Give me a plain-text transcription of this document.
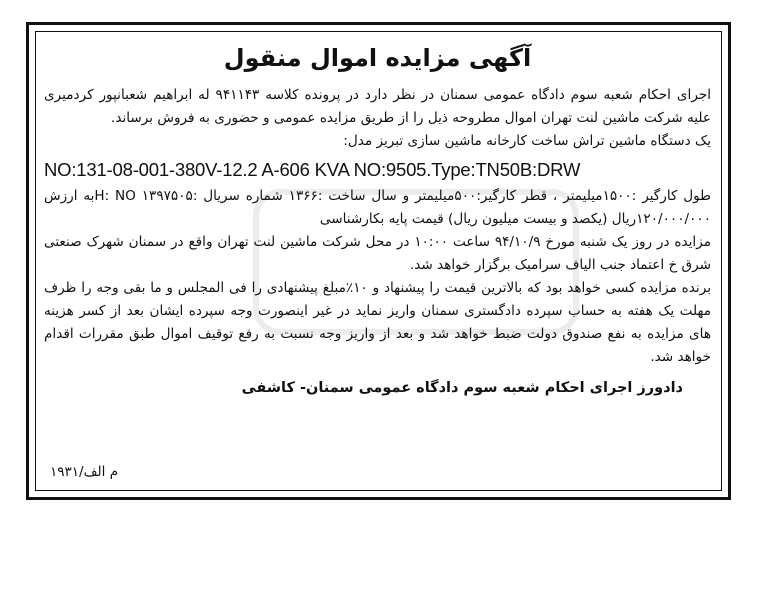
آگهی مزایده اموال منقول

اجرای احکام شعبه سوم دادگاه عمومی سمنان در نظر دارد در پرونده کلاسه ۹۴۱۱۴۳ له ابراهیم شعبانپور کردمیری علیه شرکت ماشین لنت تهران اموال مطروحه ذیل را از طریق مزایده عمومی و حضوری به فروش برساند.

یک دستگاه ماشین تراش ساخت کارخانه ماشین سازی تبریز مدل:

NO:131-08-001-380V-12.2 A-606 KVA NO:9505.Type:TN50B:DRW

طول کارگیر :۱۵۰۰میلیمتر ، قطر کارگیر:۵۰۰میلیمتر و سال ساخت :۱۳۶۶ شماره سریال :۱۳۹۷۵۰۵ H: NOبه ارزش ۱۲۰/۰۰۰/۰۰۰ریال (یکصد و بیست میلیون ریال) قیمت پایه بکارشناسی

مزایده در روز یک شنبه مورخ ۹۴/۱۰/۹ ساعت ۱۰:۰۰ در محل شرکت ماشین لنت تهران واقع در سمنان شهرک صنعتی شرق خ اعتماد جنب الیاف سرامیک برگزار خواهد شد.

برنده مزایده کسی خواهد بود که بالاترین قیمت را پیشنهاد و ۱۰٪مبلغ پیشنهادی را فی المجلس و ما بقی وجه را ظرف مهلت یک هفته به حساب سپرده دادگستری سمنان واریز نماید در غیر اینصورت وجه سپرده ایشان بعد از کسر هزینه های مزایده به نفع صندوق دولت ضبط خواهد شد و بعد از واریز وجه نسبت به رفع توقیف اموال طبق مقررات اقدام خواهد شد.

دادورز اجرای احکام شعبه سوم دادگاه عمومی سمنان- کاشفی

م الف/۱۹۳۱
